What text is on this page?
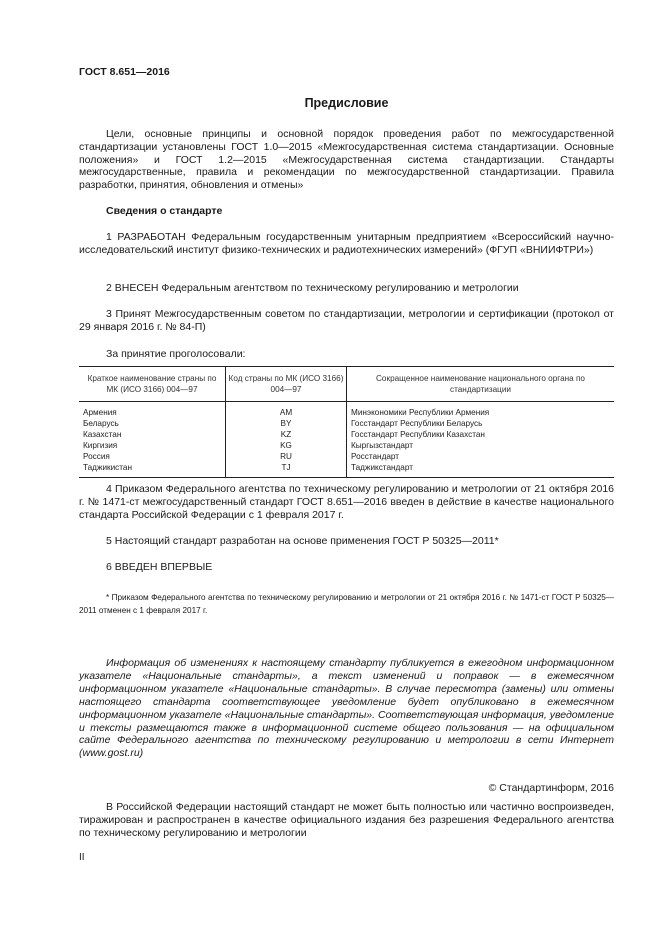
ГОСТ 8.651—2016
Предисловие

Цели, основные принципы и основной порядок проведения работ по межгосударственной стандартизации установлены ГОСТ 1.0—2015 «Межгосударственная система стандартизации. Основные положения» и ГОСТ 1.2—2015 «Межгосударственная система стандартизации. Стандарты межгосударственные, правила и рекомендации по межгосударственной стандартизации. Правила разработки, принятия, обновления и отмены»

Сведения о стандарте

1 РАЗРАБОТАН Федеральным государственным унитарным предприятием «Всероссийский научно-исследовательский институт физико-технических и радиотехнических измерений» (ФГУП «ВНИИФТРИ»)

2 ВНЕСЕН Федеральным агентством по техническому регулированию и метрологии

3 Принят Межгосударственным советом по стандартизации, метрологии и сертификации (протокол от 29 января 2016 г. № 84-П)

За принятие проголосовали:
Краткое наименование страны по МК (ИСО 3166) 004—97	Код страны по МК (ИСО 3166) 004—97	Сокращенное наименование национального органа по стандартизации
Армения	AM	Минэкономики Республики Армения
Беларусь	BY	Госстандарт Республики Беларусь
Казахстан	KZ	Госстандарт Республики Казахстан
Киргизия	KG	Кыргызстандарт
Россия	RU	Росстандарт
Таджикистан	TJ	Таджикстандарт

4 Приказом Федерального агентства по техническому регулированию и метрологии от 21 октября 2016 г. № 1471-ст межгосударственный стандарт ГОСТ 8.651—2016 введен в действие в качестве национального стандарта Российской Федерации с 1 февраля 2017 г.

5 Настоящий стандарт разработан на основе применения ГОСТ Р 50325—2011*

6 ВВЕДЕН ВПЕРВЫЕ

* Приказом Федерального агентства по техническому регулированию и метрологии от 21 октября 2016 г. № 1471-ст ГОСТ Р 50325—2011 отменен с 1 февраля 2017 г.

Информация об изменениях к настоящему стандарту публикуется в ежегодном информационном указателе «Национальные стандарты», а текст изменений и поправок — в ежемесячном информационном указателе «Национальные стандарты». В случае пересмотра (замены) или отмены настоящего стандарта соответствующее уведомление будет опубликовано в ежемесячном информационном указателе «Национальные стандарты». Соответствующая информация, уведомление и тексты размещаются также в информационной системе общего пользования — на официальном сайте Федерального агентства по техническому регулированию и метрологии в сети Интернет (www.gost.ru)

© Стандартинформ, 2016

В Российской Федерации настоящий стандарт не может быть полностью или частично воспроизведен, тиражирован и распространен в качестве официального издания без разрешения Федерального агентства по техническому регулированию и метрологии

II
